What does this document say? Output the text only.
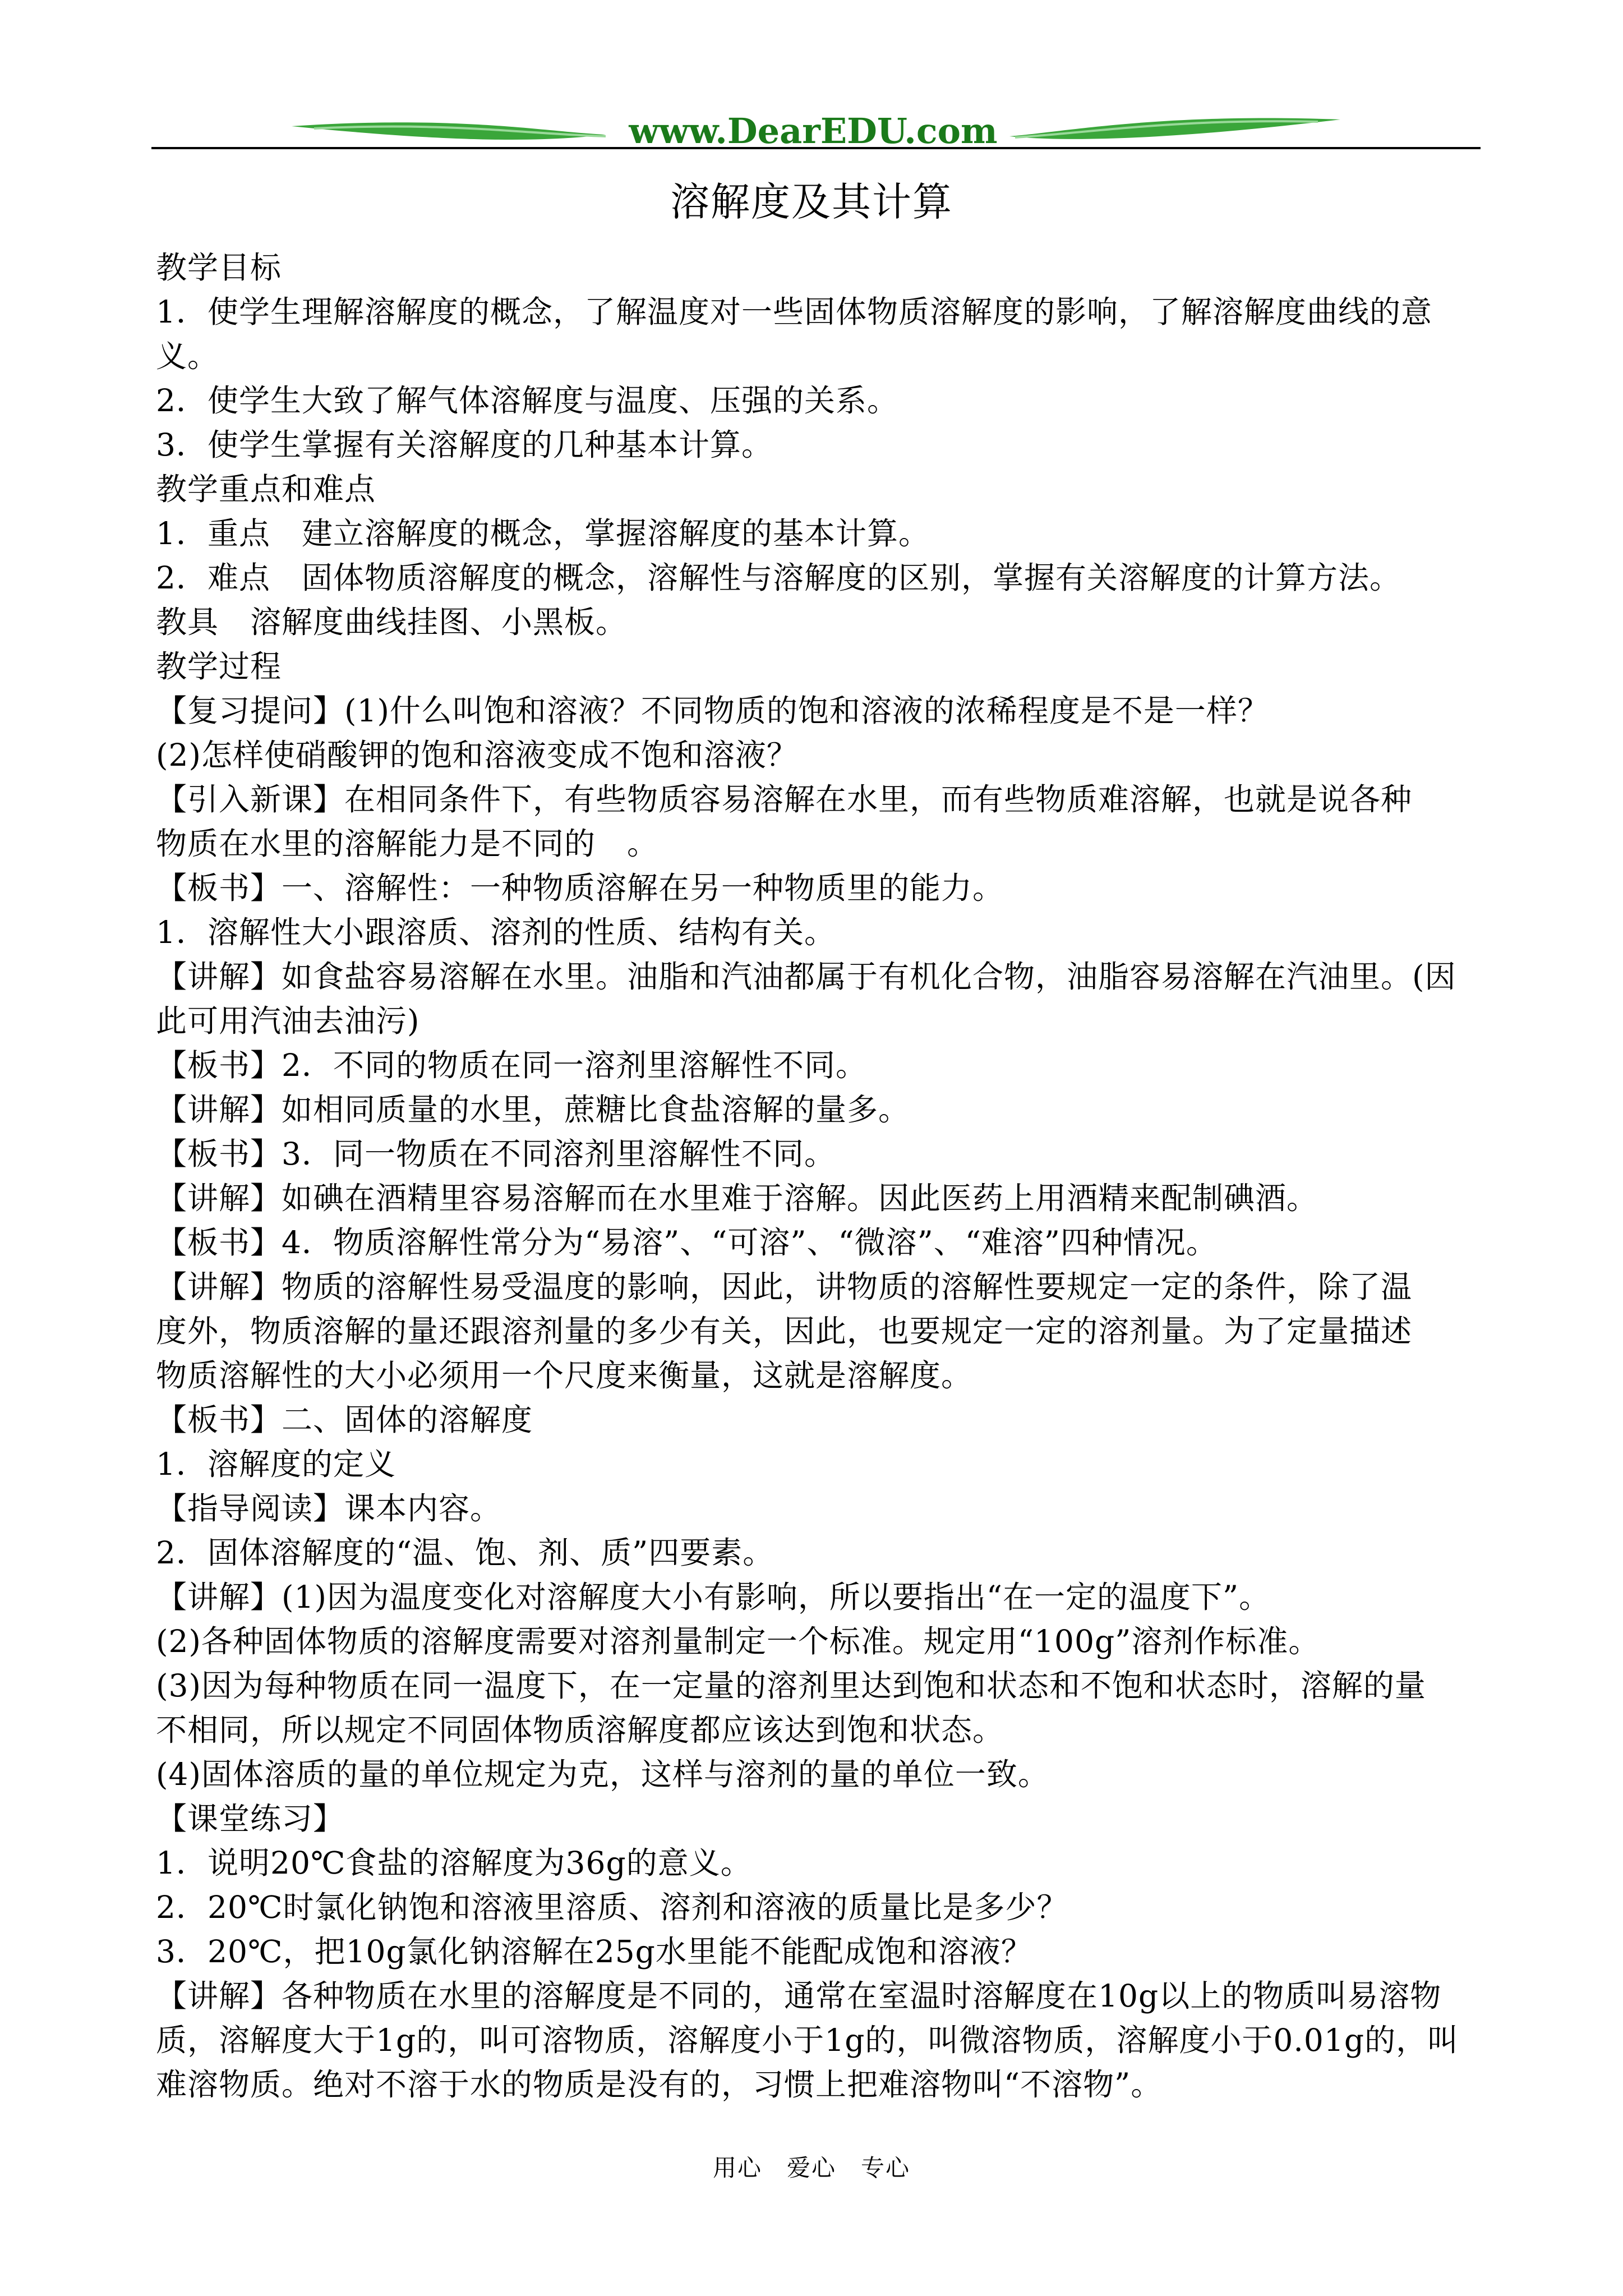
www.DearEDU.com
溶解度及其计算
教学目标
1．使学生理解溶解度的概念，了解温度对一些固体物质溶解度的影响，了解溶解度曲线的意
义。
2．使学生大致了解气体溶解度与温度、压强的关系。
3．使学生掌握有关溶解度的几种基本计算。
教学重点和难点
1．重点　建立溶解度的概念，掌握溶解度的基本计算。
2．难点　固体物质溶解度的概念，溶解性与溶解度的区别，掌握有关溶解度的计算方法。
教具　溶解度曲线挂图、小黑板。
教学过程
【复习提问】(1)什么叫饱和溶液？不同物质的饱和溶液的浓稀程度是不是一样？
(2)怎样使硝酸钾的饱和溶液变成不饱和溶液？
【引入新课】在相同条件下，有些物质容易溶解在水里，而有些物质难溶解，也就是说各种
物质在水里的溶解能力是不同的　。
【板书】一、溶解性：一种物质溶解在另一种物质里的能力。
1．溶解性大小跟溶质、溶剂的性质、结构有关。
【讲解】如食盐容易溶解在水里。油脂和汽油都属于有机化合物，油脂容易溶解在汽油里。(因
此可用汽油去油污)
【板书】2．不同的物质在同一溶剂里溶解性不同。
【讲解】如相同质量的水里，蔗糖比食盐溶解的量多。
【板书】3．同一物质在不同溶剂里溶解性不同。
【讲解】如碘在酒精里容易溶解而在水里难于溶解。因此医药上用酒精来配制碘酒。
【板书】4．物质溶解性常分为“易溶”、“可溶”、“微溶”、“难溶”四种情况。
【讲解】物质的溶解性易受温度的影响，因此，讲物质的溶解性要规定一定的条件，除了温
度外，物质溶解的量还跟溶剂量的多少有关，因此，也要规定一定的溶剂量。为了定量描述
物质溶解性的大小必须用一个尺度来衡量，这就是溶解度。
【板书】二、固体的溶解度
1．溶解度的定义
【指导阅读】课本内容。
2．固体溶解度的“温、饱、剂、质”四要素。
【讲解】(1)因为温度变化对溶解度大小有影响，所以要指出“在一定的温度下”。
(2)各种固体物质的溶解度需要对溶剂量制定一个标准。规定用“100g”溶剂作标准。
(3)因为每种物质在同一温度下，在一定量的溶剂里达到饱和状态和不饱和状态时，溶解的量
不相同，所以规定不同固体物质溶解度都应该达到饱和状态。
(4)固体溶质的量的单位规定为克，这样与溶剂的量的单位一致。
【课堂练习】
1．说明20℃食盐的溶解度为36g的意义。
2．20℃时氯化钠饱和溶液里溶质、溶剂和溶液的质量比是多少？
3．20℃，把10g氯化钠溶解在25g水里能不能配成饱和溶液？
【讲解】各种物质在水里的溶解度是不同的，通常在室温时溶解度在10g以上的物质叫易溶物
质，溶解度大于1g的，叫可溶物质，溶解度小于1g的，叫微溶物质，溶解度小于0.01g的，叫
难溶物质。绝对不溶于水的物质是没有的，习惯上把难溶物叫“不溶物”。
用心　爱心　专心
